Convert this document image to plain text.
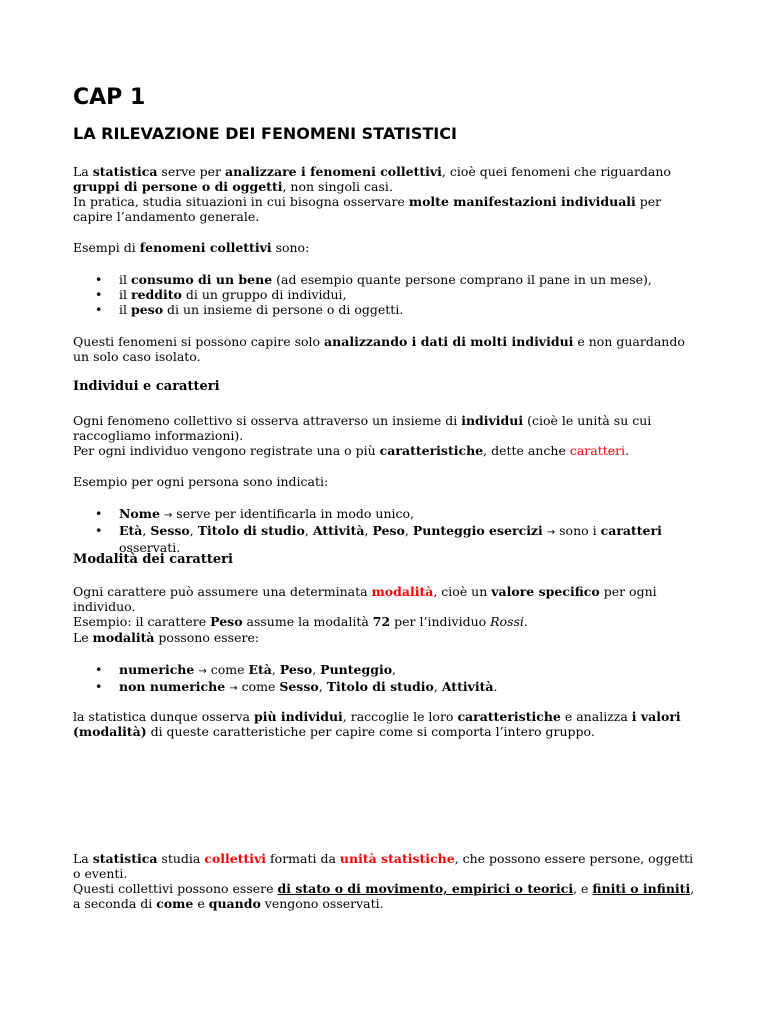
CAP 1
LA RILEVAZIONE DEI FENOMENI STATISTICI
La statistica serve per analizzare i fenomeni collettivi, cioè quei fenomeni che riguardano gruppi di persone o di oggetti, non singoli casi.
In pratica, studia situazioni in cui bisogna osservare molte manifestazioni individuali per capire l’andamento generale.
Esempi di fenomeni collettivi sono:
• il consumo di un bene (ad esempio quante persone comprano il pane in un mese),
• il reddito di un gruppo di individui,
• il peso di un insieme di persone o di oggetti.
Questi fenomeni si possono capire solo analizzando i dati di molti individui e non guardando un solo caso isolato.
Individui e caratteri
Ogni fenomeno collettivo si osserva attraverso un insieme di individui (cioè le unità su cui raccogliamo informazioni).
Per ogni individuo vengono registrate una o più caratteristiche, dette anche caratteri.
Esempio per ogni persona sono indicati:
• Nome → serve per identificarla in modo unico,
• Età, Sesso, Titolo di studio, Attività, Peso, Punteggio esercizi → sono i caratteri osservati.
Modalità dei caratteri
Ogni carattere può assumere una determinata modalità, cioè un valore specifico per ogni individuo.
Esempio: il carattere Peso assume la modalità 72 per l’individuo Rossi.
Le modalità possono essere:
• numeriche → come Età, Peso, Punteggio,
• non numeriche → come Sesso, Titolo di studio, Attività.
la statistica dunque osserva più individui, raccoglie le loro caratteristiche e analizza i valori (modalità) di queste caratteristiche per capire come si comporta l’intero gruppo.
La statistica studia collettivi formati da unità statistiche, che possono essere persone, oggetti o eventi.
Questi collettivi possono essere di stato o di movimento, empirici o teorici, e finiti o infiniti, a seconda di come e quando vengono osservati.
